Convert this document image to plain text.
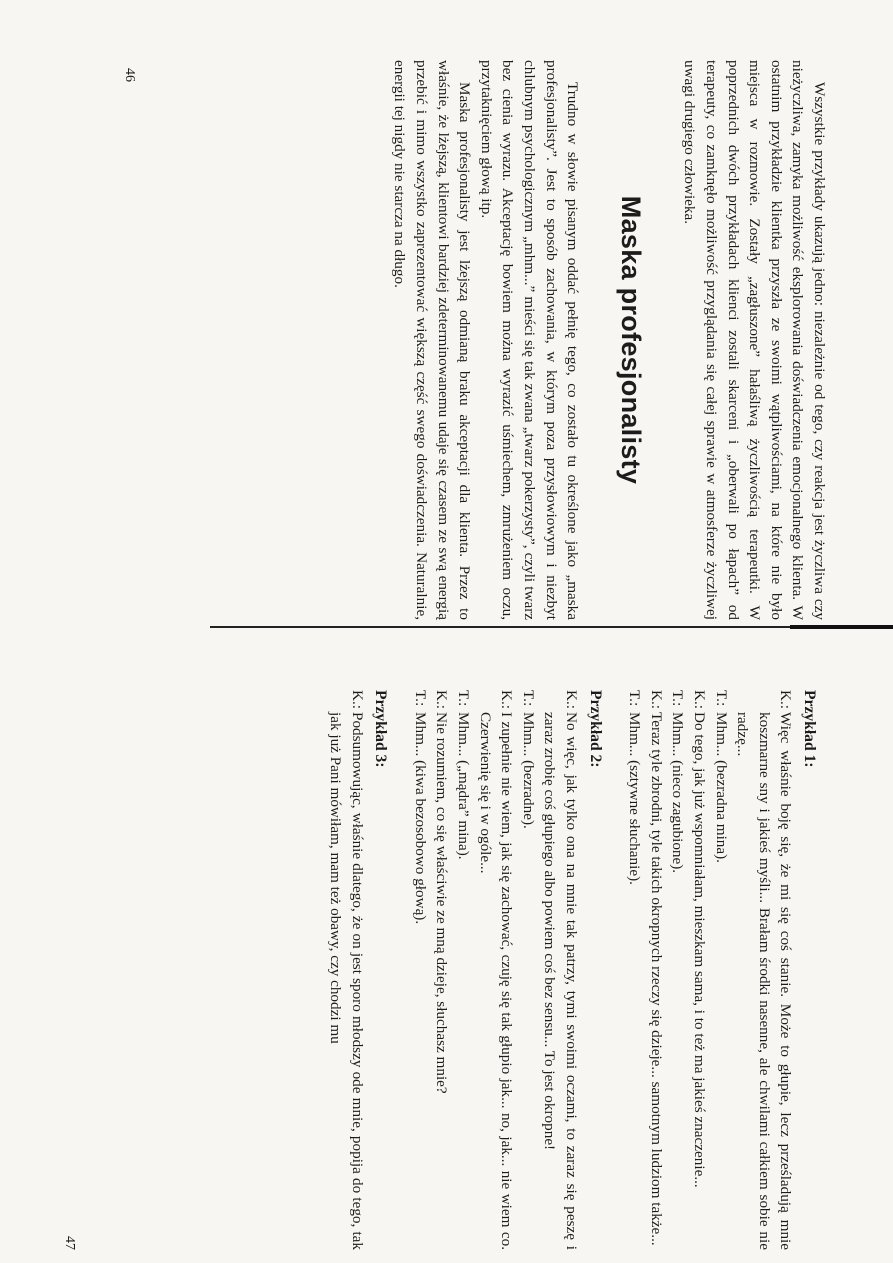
Wszystkie przykłady ukazują jedno: niezależnie od tego, czy reakcja jest życzliwa czy nieżyczliwa, zamyka możliwość eksplorowania doświadczenia emocjonalnego klienta. W ostatnim przykładzie klientka przyszła ze swoimi wątpliwościami, na które nie było miejsca w rozmowie. Zostały „zagłuszone” hałaśliwą życzliwością terapeutki. W poprzednich dwóch przykładach klienci zostali skarceni i „oberwali po łapach” od terapeuty, co zamknęło możliwość przyglądania się całej sprawie w atmosferze życzliwej uwagi drugiego człowieka.

Maska profesjonalisty

Trudno w słowie pisanym oddać pełnię tego, co zostało tu określone jako „maska profesjonalisty”. Jest to sposób zachowania, w którym poza przysłowiowym i niezbyt chlubnym psychologicznym „mhm...” mieści się tak zwana „twarz pokerzysty”, czyli twarz bez cienia wyrazu. Akceptację bowiem można wyrazić uśmiechem, zmrużeniem oczu, przytaknięciem głową itp.

Maska profesjonalisty jest lżejszą odmianą braku akceptacji dla klienta. Przez to właśnie, że lżejszą, klientowi bardziej zdeterminowanemu udaje się czasem ze swą energią przebić i mimo wszystko zaprezentować większą część swego doświadczenia. Naturalnie, energii tej nigdy nie starcza na długo.

46
Przykład 1:
K.:
Więc właśnie boję się, że mi się coś stanie. Może to głupie, lecz prześladują mnie koszmarne sny i jakieś myśli... Brałam środki nasenne, ale chwilami całkiem sobie nie radzę...
T.:
Mhm... (bezradna mina).
K.:
Do tego, jak już wspomniałam, mieszkam sama, i to też ma jakieś znaczenie...
T.:
Mhm... (nieco zagubione).
K.:
Teraz tyle zbrodni, tyle takich okropnych rzeczy się dzieje... samotnym ludziom także...
T.:
Mhm... (sztywne słuchanie).
Przykład 2:
K.:
No więc, jak tylko ona na mnie tak patrzy, tymi swoimi oczami, to zaraz się peszę i zaraz zrobię coś głupiego albo powiem coś bez sensu... To jest okropne!
T.:
Mhm... (bezradne).
K.:
I zupełnie nie wiem, jak się zachować, czuję się tak głupio jak... no, jak... nie wiem co. Czerwienię się i w ogóle...
T.:
Mhm... („mądra” mina).
K.:
Nie rozumiem, co się właściwie ze mną dzieje, słuchasz mnie?
T.:
Mhm... (kiwa bezosobowo głową).
Przykład 3:
K.:
Podsumowując, właśnie dlatego, że on jest sporo młodszy ode mnie, popija do tego, tak jak już Pani mówiłam, mam też obawy, czy chodzi mu
47
